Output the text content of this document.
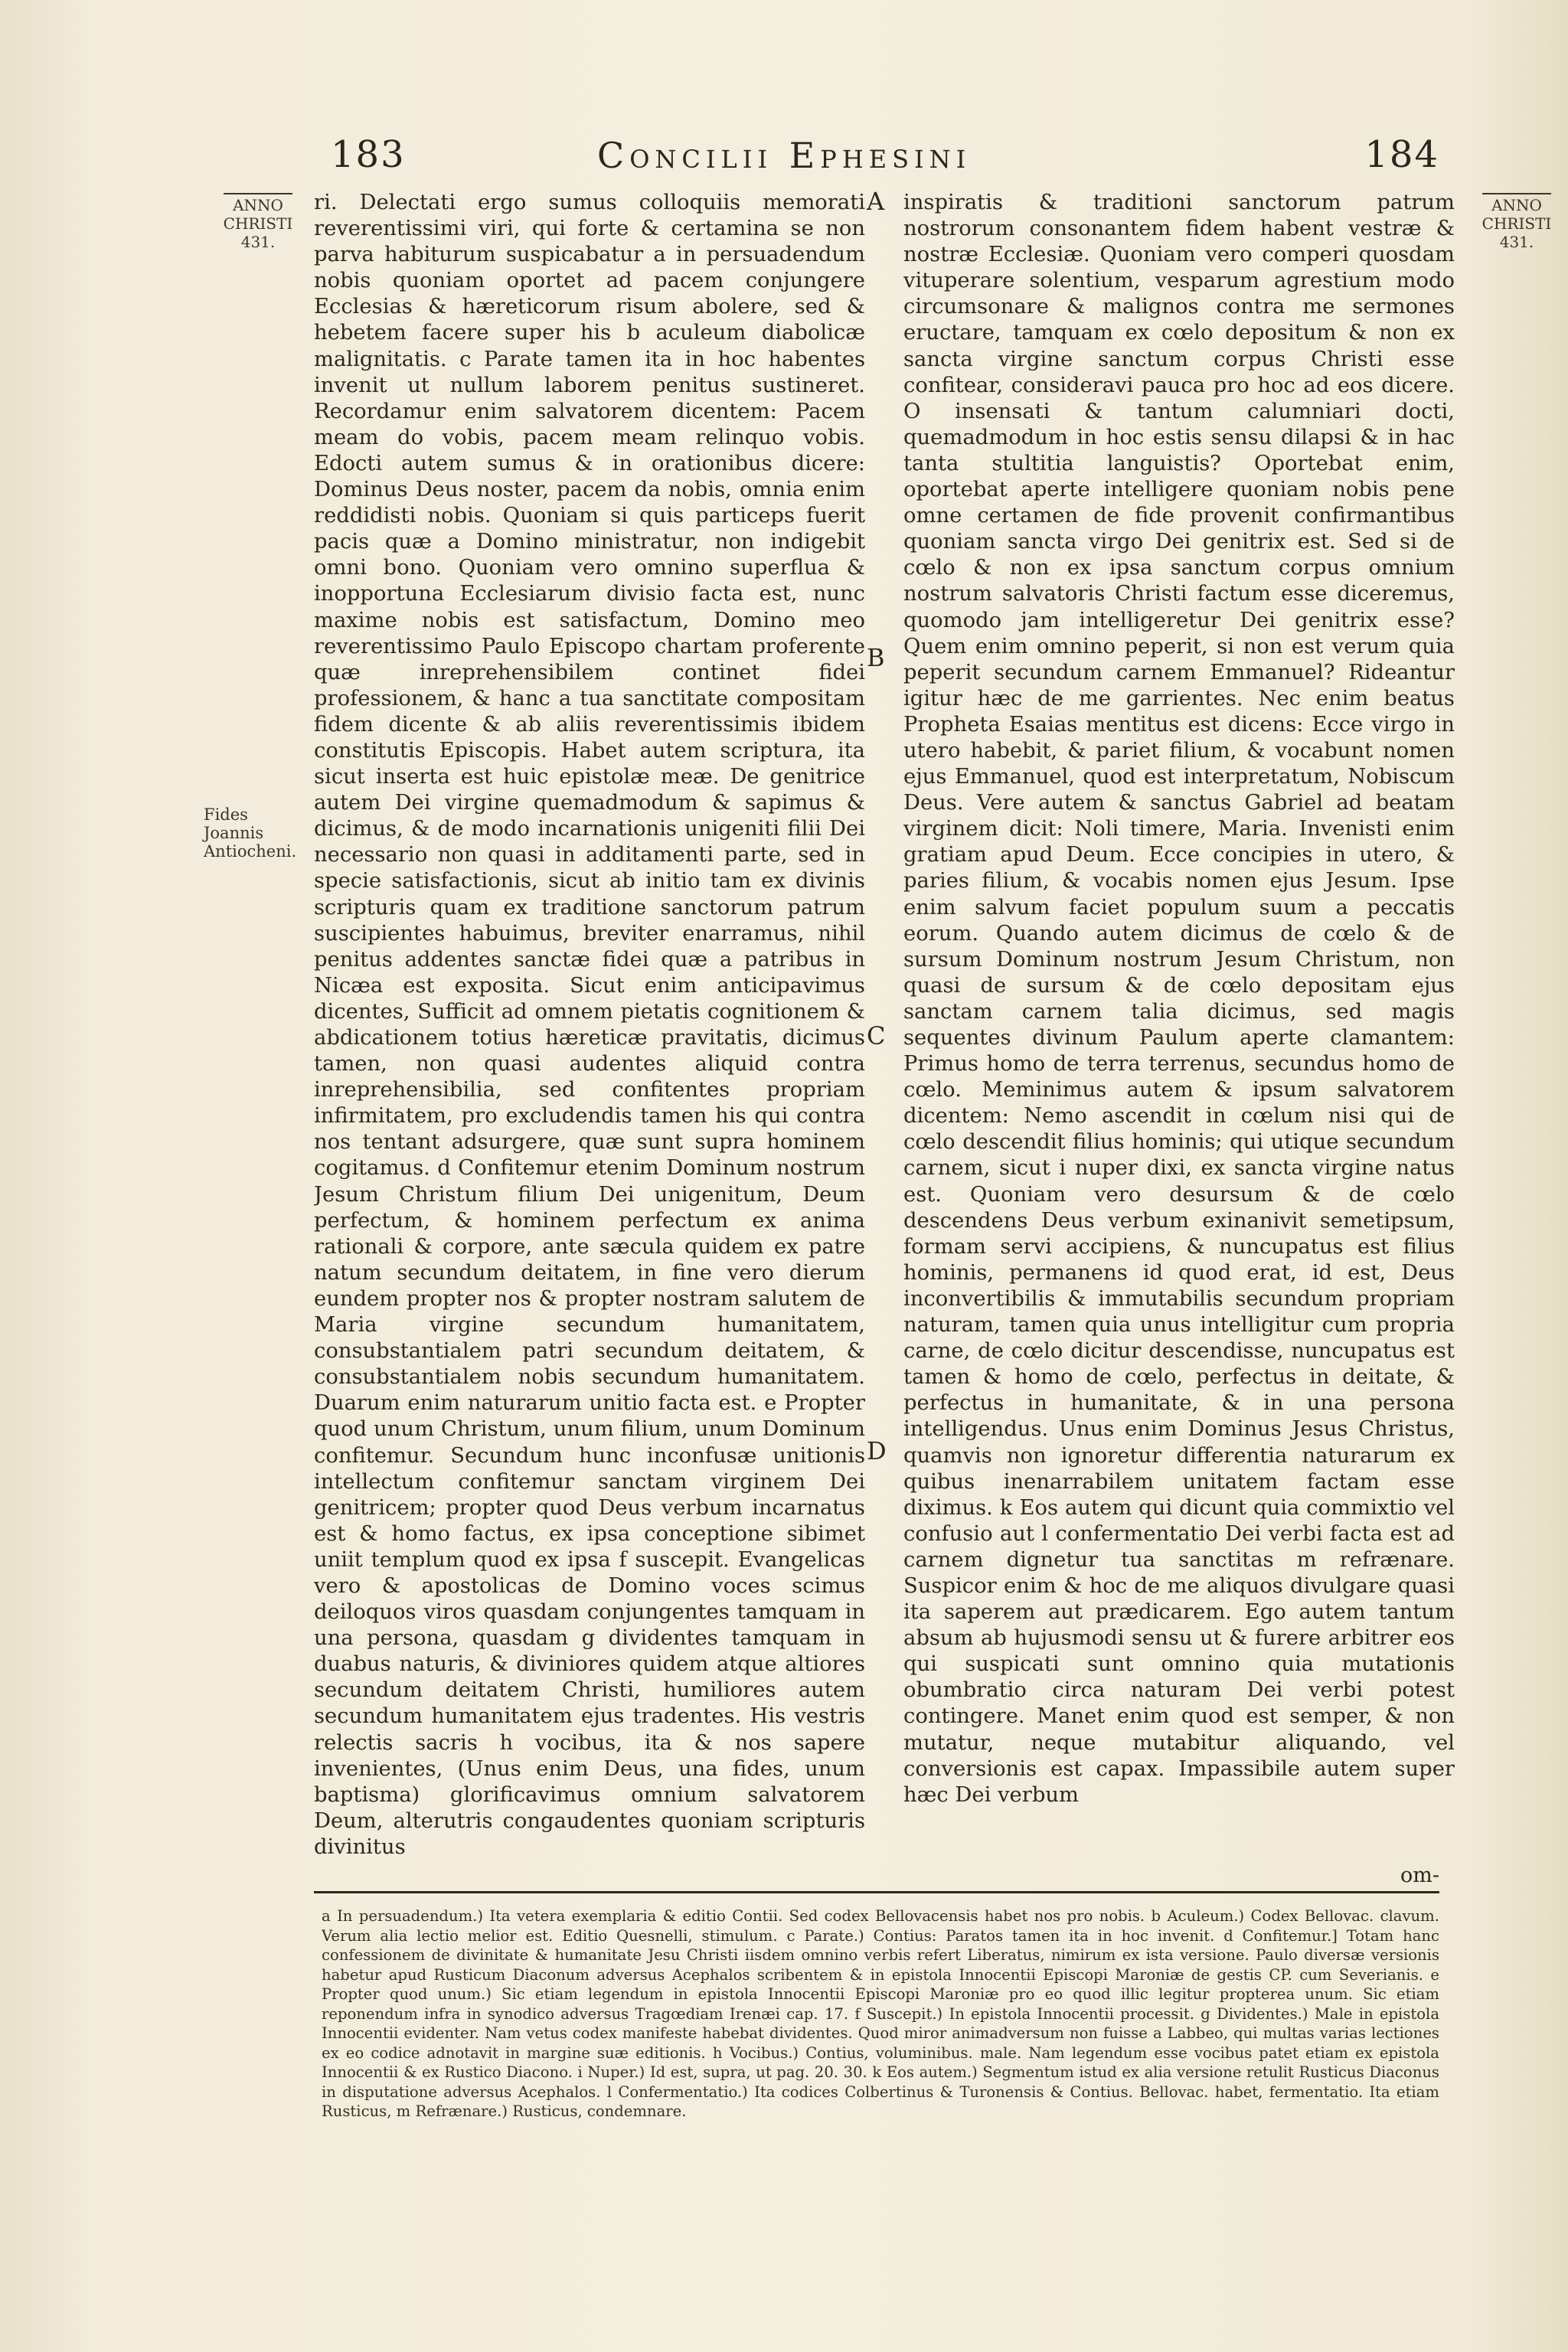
183	Concilii Ephesini	184
ANNO
CHRISTI
431.
ANNO
CHRISTI
431.
Fides Joannis Antiocheni.

ri. Delectati ergo sumus colloquiis memorati reverentissimi viri, qui forte & certamina se non parva habiturum suspicabatur a in persuadendum nobis quoniam oportet ad pacem conjungere Ecclesias & hæreticorum risum abolere, sed & hebetem facere super his b aculeum diabolicæ malignitatis. c Parate tamen ita in hoc habentes invenit ut nullum laborem penitus sustineret. Recordamur enim salvatorem dicentem: Pacem meam do vobis, pacem meam relinquo vobis. Edocti autem sumus & in orationibus dicere: Dominus Deus noster, pacem da nobis, omnia enim reddidisti nobis. Quoniam si quis particeps fuerit pacis quæ a Domino ministratur, non indigebit omni bono. Quoniam vero omnino superflua & inopportuna Ecclesiarum divisio facta est, nunc maxime nobis est satisfactum, Domino meo reverentissimo Paulo Episcopo chartam proferente quæ inreprehensibilem continet fidei professionem, & hanc a tua sanctitate compositam fidem dicente & ab aliis reverentissimis ibidem constitutis Episcopis. Habet autem scriptura, ita sicut inserta est huic epistolæ meæ. De genitrice autem Dei virgine quemadmodum & sapimus & dicimus, & de modo incarnationis unigeniti filii Dei necessario non quasi in additamenti parte, sed in specie satisfactionis, sicut ab initio tam ex divinis scripturis quam ex traditione sanctorum patrum suscipientes habuimus, breviter enarramus, nihil penitus addentes sanctæ fidei quæ a patribus in Nicæa est exposita. Sicut enim anticipavimus dicentes, Sufficit ad omnem pietatis cognitionem & abdicationem totius hæreticæ pravitatis, dicimus tamen, non quasi audentes aliquid contra inreprehensibilia, sed confitentes propriam infirmitatem, pro excludendis tamen his qui contra nos tentant adsurgere, quæ sunt supra hominem cogitamus. d Confitemur etenim Dominum nostrum Jesum Christum filium Dei unigenitum, Deum perfectum, & hominem perfectum ex anima rationali & corpore, ante sæcula quidem ex patre natum secundum deitatem, in fine vero dierum eundem propter nos & propter nostram salutem de Maria virgine secundum humanitatem, consubstantialem patri secundum deitatem, & consubstantialem nobis secundum humanitatem. Duarum enim naturarum unitio facta est. e Propter quod unum Christum, unum filium, unum Dominum confitemur. Secundum hunc inconfusæ unitionis intellectum confitemur sanctam virginem Dei genitricem; propter quod Deus verbum incarnatus est & homo factus, ex ipsa conceptione sibimet uniit templum quod ex ipsa f suscepit. Evangelicas vero & apostolicas de Domino voces scimus deiloquos viros quasdam conjungentes tamquam in una persona, quasdam g dividentes tamquam in duabus naturis, & diviniores quidem atque altiores secundum deitatem Christi, humiliores autem secundum humanitatem ejus tradentes. His vestris relectis sacris h vocibus, ita & nos sapere invenientes, (Unus enim Deus, una fides, unum baptisma) glorificavimus omnium salvatorem Deum, alterutris congaudentes quoniam scripturis divinitus

A
B
C
D

inspiratis & traditioni sanctorum patrum nostrorum consonantem fidem habent vestræ & nostræ Ecclesiæ. Quoniam vero comperi quosdam vituperare solentium, vesparum agrestium modo circumsonare & malignos contra me sermones eructare, tamquam ex cœlo depositum & non ex sancta virgine sanctum corpus Christi esse confitear, consideravi pauca pro hoc ad eos dicere. O insensati & tantum calumniari docti, quemadmodum in hoc estis sensu dilapsi & in hac tanta stultitia languistis? Oportebat enim, oportebat aperte intelligere quoniam nobis pene omne certamen de fide provenit confirmantibus quoniam sancta virgo Dei genitrix est. Sed si de cœlo & non ex ipsa sanctum corpus omnium nostrum salvatoris Christi factum esse diceremus, quomodo jam intelligeretur Dei genitrix esse? Quem enim omnino peperit, si non est verum quia peperit secundum carnem Emmanuel? Rideantur igitur hæc de me garrientes. Nec enim beatus Propheta Esaias mentitus est dicens: Ecce virgo in utero habebit, & pariet filium, & vocabunt nomen ejus Emmanuel, quod est interpretatum, Nobiscum Deus. Vere autem & sanctus Gabriel ad beatam virginem dicit: Noli timere, Maria. Invenisti enim gratiam apud Deum. Ecce concipies in utero, & paries filium, & vocabis nomen ejus Jesum. Ipse enim salvum faciet populum suum a peccatis eorum. Quando autem dicimus de cœlo & de sursum Dominum nostrum Jesum Christum, non quasi de sursum & de cœlo depositam ejus sanctam carnem talia dicimus, sed magis sequentes divinum Paulum aperte clamantem: Primus homo de terra terrenus, secundus homo de cœlo. Meminimus autem & ipsum salvatorem dicentem: Nemo ascendit in cœlum nisi qui de cœlo descendit filius hominis; qui utique secundum carnem, sicut i nuper dixi, ex sancta virgine natus est. Quoniam vero desursum & de cœlo descendens Deus verbum exinanivit semetipsum, formam servi accipiens, & nuncupatus est filius hominis, permanens id quod erat, id est, Deus inconvertibilis & immutabilis secundum propriam naturam, tamen quia unus intelligitur cum propria carne, de cœlo dicitur descendisse, nuncupatus est tamen & homo de cœlo, perfectus in deitate, & perfectus in humanitate, & in una persona intelligendus. Unus enim Dominus Jesus Christus, quamvis non ignoretur differentia naturarum ex quibus inenarrabilem unitatem factam esse diximus. k Eos autem qui dicunt quia commixtio vel confusio aut l confermentatio Dei verbi facta est ad carnem dignetur tua sanctitas m refrænare. Suspicor enim & hoc de me aliquos divulgare quasi ita saperem aut prædicarem. Ego autem tantum absum ab hujusmodi sensu ut & furere arbitrer eos qui suspicati sunt omnino quia mutationis obumbratio circa naturam Dei verbi potest contingere. Manet enim quod est semper, & non mutatur, neque mutabitur aliquando, vel conversionis est capax. Impassibile autem super hæc Dei verbum

om-

a In persuadendum.) Ita vetera exemplaria & editio Contii. Sed codex Bellovacensis habet nos pro nobis. b Aculeum.) Codex Bellovac. clavum. Verum alia lectio melior est. Editio Quesnelli, stimulum. c Parate.) Contius: Paratos tamen ita in hoc invenit. d Confitemur.] Totam hanc confessionem de divinitate & humanitate Jesu Christi iisdem omnino verbis refert Liberatus, nimirum ex ista versione. Paulo diversæ versionis habetur apud Rusticum Diaconum adversus Acephalos scribentem & in epistola Innocentii Episcopi Maroniæ de gestis CP. cum Severianis. e Propter quod unum.) Sic etiam legendum in epistola Innocentii Episcopi Maroniæ pro eo quod illic legitur propterea unum. Sic etiam reponendum infra in synodico adversus Tragœdiam Irenæi cap. 17. f Suscepit.) In epistola Innocentii processit. g Dividentes.) Male in epistola Innocentii evidenter. Nam vetus codex manifeste habebat dividentes. Quod miror animadversum non fuisse a Labbeo, qui multas varias lectiones ex eo codice adnotavit in margine suæ editionis. h Vocibus.) Contius, voluminibus. male. Nam legendum esse vocibus patet etiam ex epistola Innocentii & ex Rustico Diacono. i Nuper.) Id est, supra, ut pag. 20. 30. k Eos autem.) Segmentum istud ex alia versione retulit Rusticus Diaconus in disputatione adversus Acephalos. l Confermentatio.) Ita codices Colbertinus & Turonensis & Contius. Bellovac. habet, fermentatio. Ita etiam Rusticus, m Refrænare.) Rusticus, condemnare.
